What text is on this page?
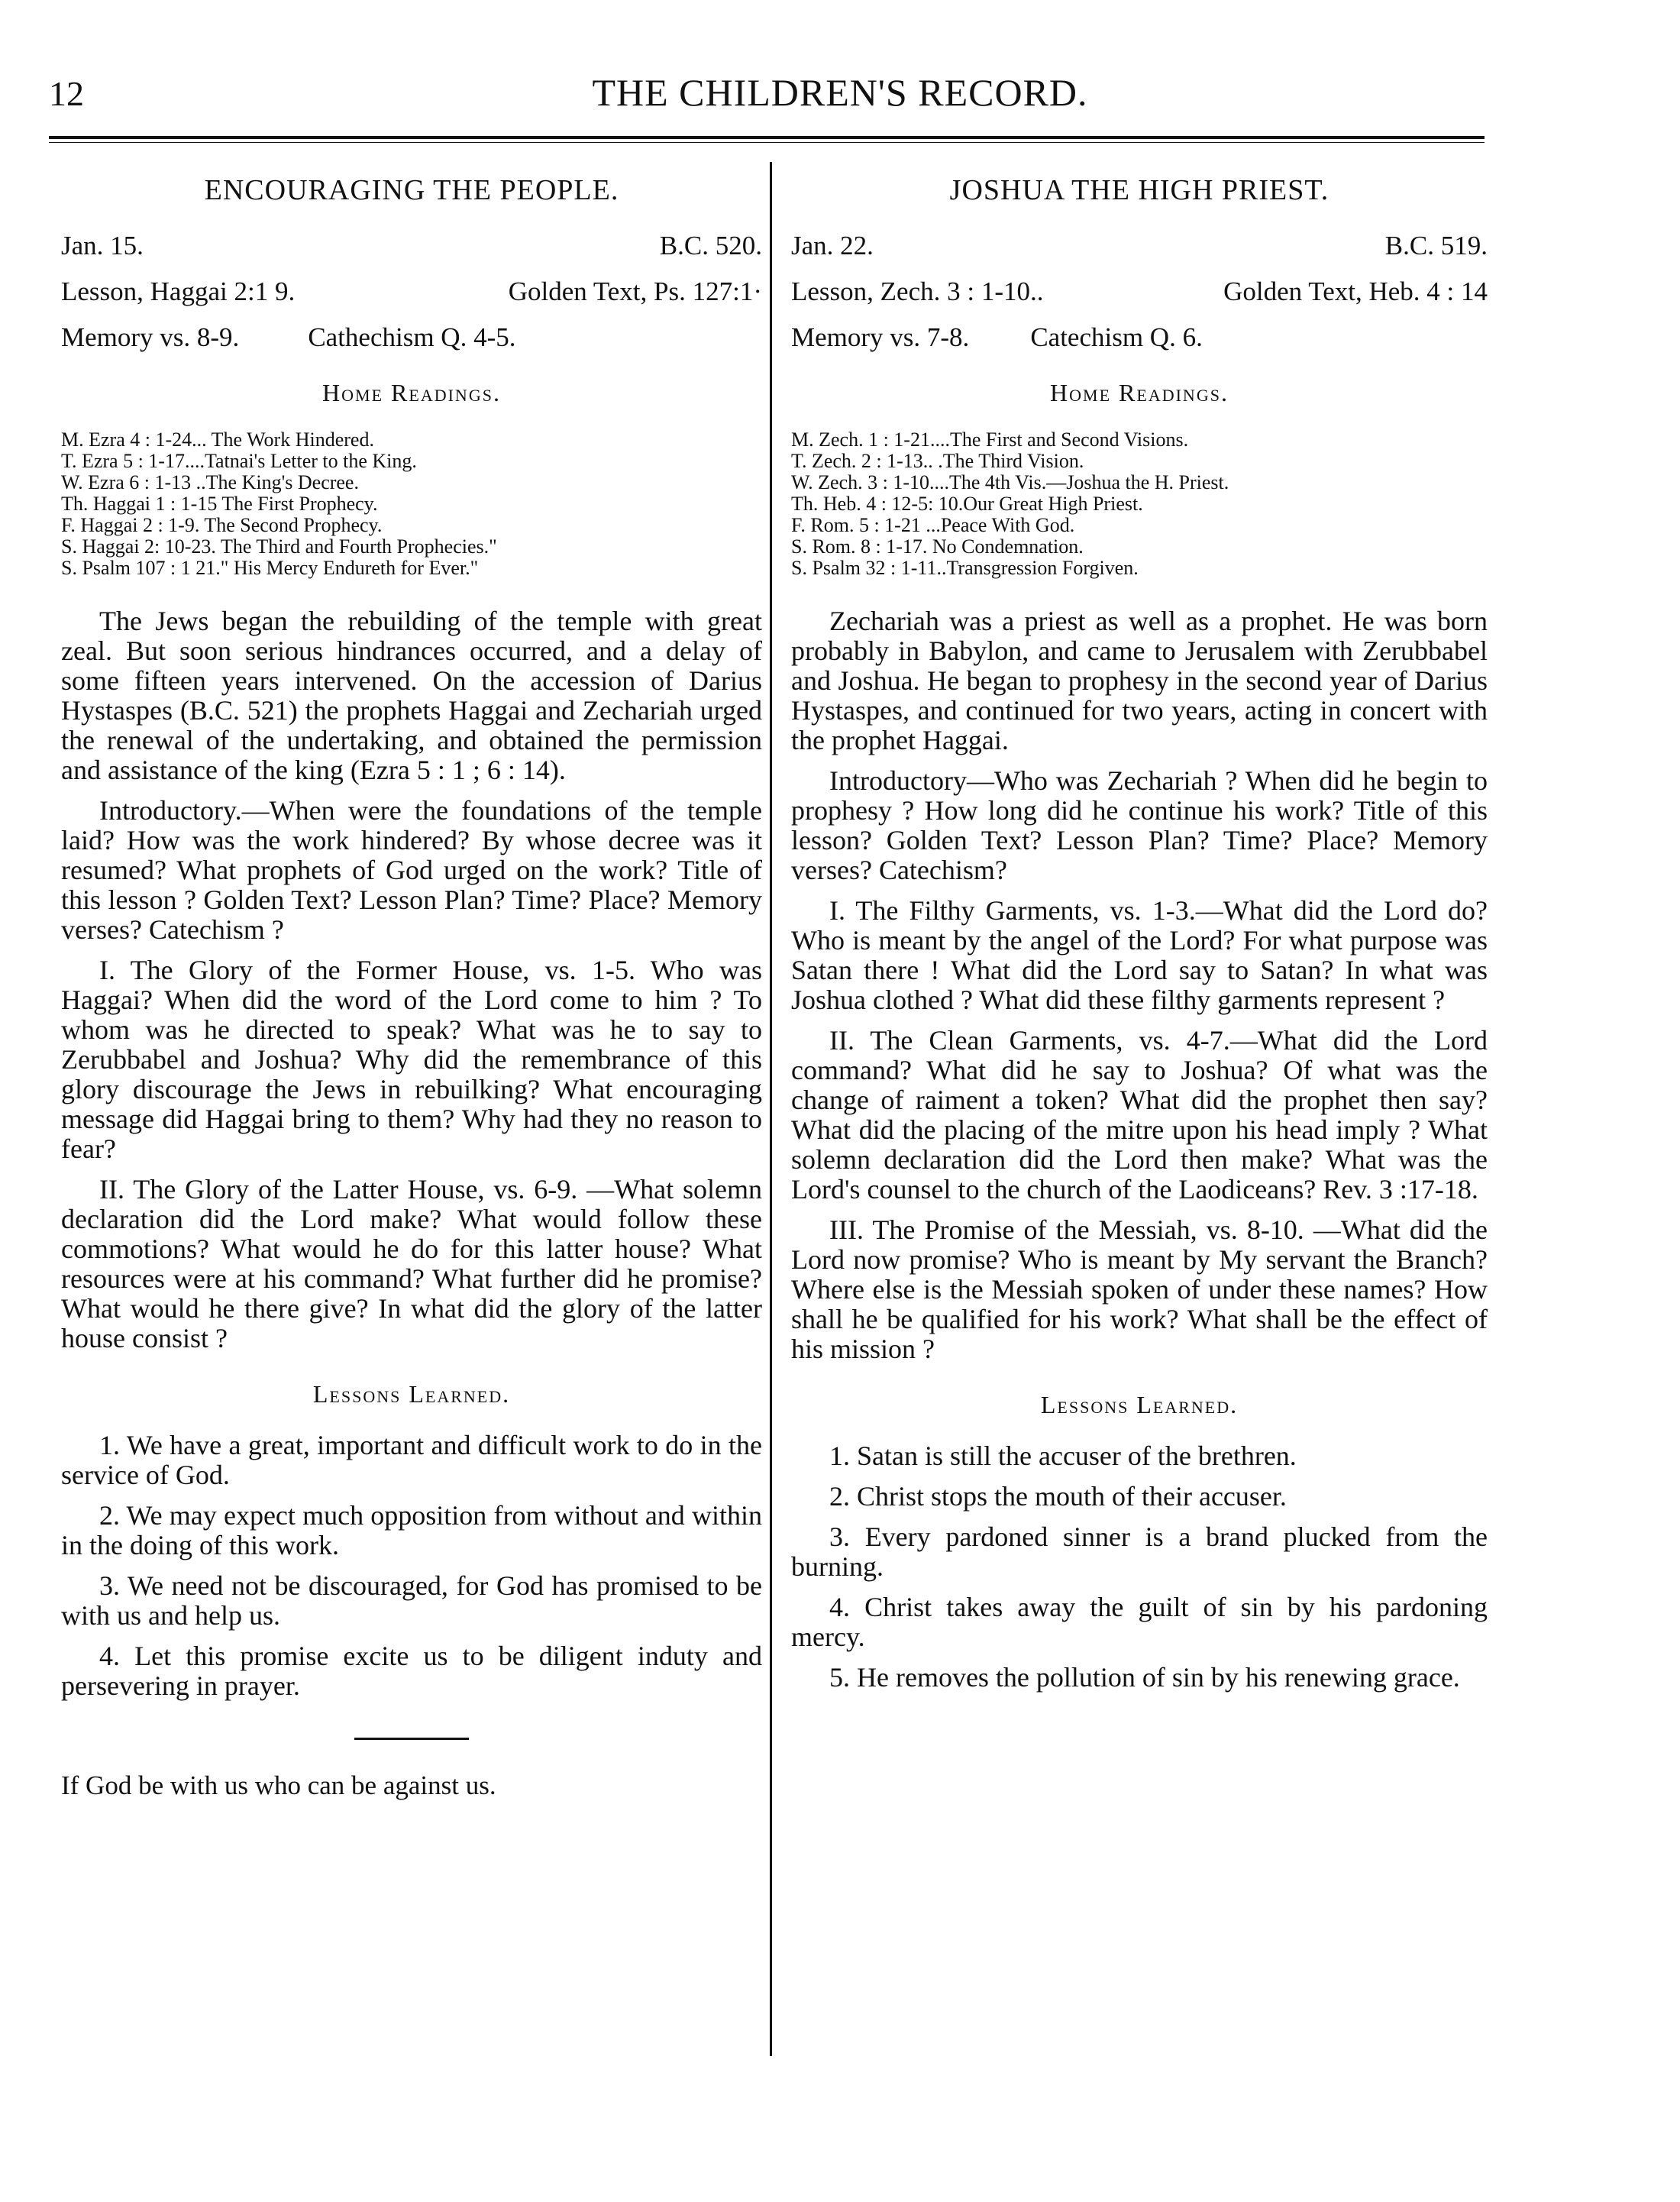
12	THE CHILDREN'S RECORD.
ENCOURAGING THE PEOPLE.
Jan. 15.	B.C. 520.
Lesson, Haggai 2:1 9.	Golden Text, Ps. 127:1·
Memory vs. 8-9.	Cathechism Q. 4-5.
Home Readings.
M. Ezra 4 : 1-24... The Work Hindered.
T. Ezra 5 : 1-17....Tatnai's Letter to the King.
W. Ezra 6 : 1-13 ..The King's Decree.
Th. Haggai 1 : 1-15 The First Prophecy.
F. Haggai 2 : 1-9. The Second Prophecy.
S. Haggai 2: 10-23. The Third and Fourth Prophecies."
S. Psalm 107 : 1 21." His Mercy Endureth for Ever."

The Jews began the rebuilding of the temple with great zeal. But soon serious hindrances occurred, and a delay of some fifteen years intervened. On the accession of Darius Hystaspes (B.C. 521) the prophets Haggai and Zechariah urged the renewal of the undertaking, and obtained the permission and assistance of the king (Ezra 5 : 1 ; 6 : 14).

Introductory.—When were the foundations of the temple laid? How was the work hindered? By whose decree was it resumed? What prophets of God urged on the work? Title of this lesson ? Golden Text? Lesson Plan? Time? Place? Memory verses? Catechism ?

I. The Glory of the Former House, vs. 1-5. Who was Haggai? When did the word of the Lord come to him ? To whom was he directed to speak? What was he to say to Zerubbabel and Joshua? Why did the remembrance of this glory discourage the Jews in rebuilking? What encouraging message did Haggai bring to them? Why had they no reason to fear?

II. The Glory of the Latter House, vs. 6-9. —What solemn declaration did the Lord make? What would follow these commotions? What would he do for this latter house? What resources were at his command? What further did he promise? What would he there give? In what did the glory of the latter house consist ?

Lessons Learned.

1. We have a great, important and difficult work to do in the service of God.

2. We may expect much opposition from without and within in the doing of this work.

3. We need not be discouraged, for God has promised to be with us and help us.

4. Let this promise excite us to be diligent induty and persevering in prayer.

If God be with us who can be against us.
JOSHUA THE HIGH PRIEST.
Jan. 22.	B.C. 519.
Lesson, Zech. 3 : 1-10..	Golden Text, Heb. 4 : 14
Memory vs. 7-8. Catechism Q. 6.
Home Readings.
M. Zech. 1 : 1-21....The First and Second Visions.
T. Zech. 2 : 1-13.. .The Third Vision.
W. Zech. 3 : 1-10....The 4th Vis.—Joshua the H. Priest.
Th. Heb. 4 : 12-5: 10.Our Great High Priest.
F. Rom. 5 : 1-21 ...Peace With God.
S. Rom. 8 : 1-17. No Condemnation.
S. Psalm 32 : 1-11..Transgression Forgiven.

Zechariah was a priest as well as a prophet. He was born probably in Babylon, and came to Jerusalem with Zerubbabel and Joshua. He began to prophesy in the second year of Darius Hystaspes, and continued for two years, acting in concert with the prophet Haggai.

Introductory—Who was Zechariah ? When did he begin to prophesy ? How long did he continue his work? Title of this lesson? Golden Text? Lesson Plan? Time? Place? Memory verses? Catechism?

I. The Filthy Garments, vs. 1-3.—What did the Lord do? Who is meant by the angel of the Lord? For what purpose was Satan there ! What did the Lord say to Satan? In what was Joshua clothed ? What did these filthy garments represent ?

II. The Clean Garments, vs. 4-7.—What did the Lord command? What did he say to Joshua? Of what was the change of raiment a token? What did the prophet then say? What did the placing of the mitre upon his head imply ? What solemn declaration did the Lord then make? What was the Lord's counsel to the church of the Laodiceans? Rev. 3 :17-18.

III. The Promise of the Messiah, vs. 8-10. —What did the Lord now promise? Who is meant by My servant the Branch? Where else is the Messiah spoken of under these names? How shall he be qualified for his work? What shall be the effect of his mission ?

Lessons Learned.

1. Satan is still the accuser of the brethren.

2. Christ stops the mouth of their accuser.

3. Every pardoned sinner is a brand plucked from the burning.

4. Christ takes away the guilt of sin by his pardoning mercy.

5. He removes the pollution of sin by his renewing grace.
